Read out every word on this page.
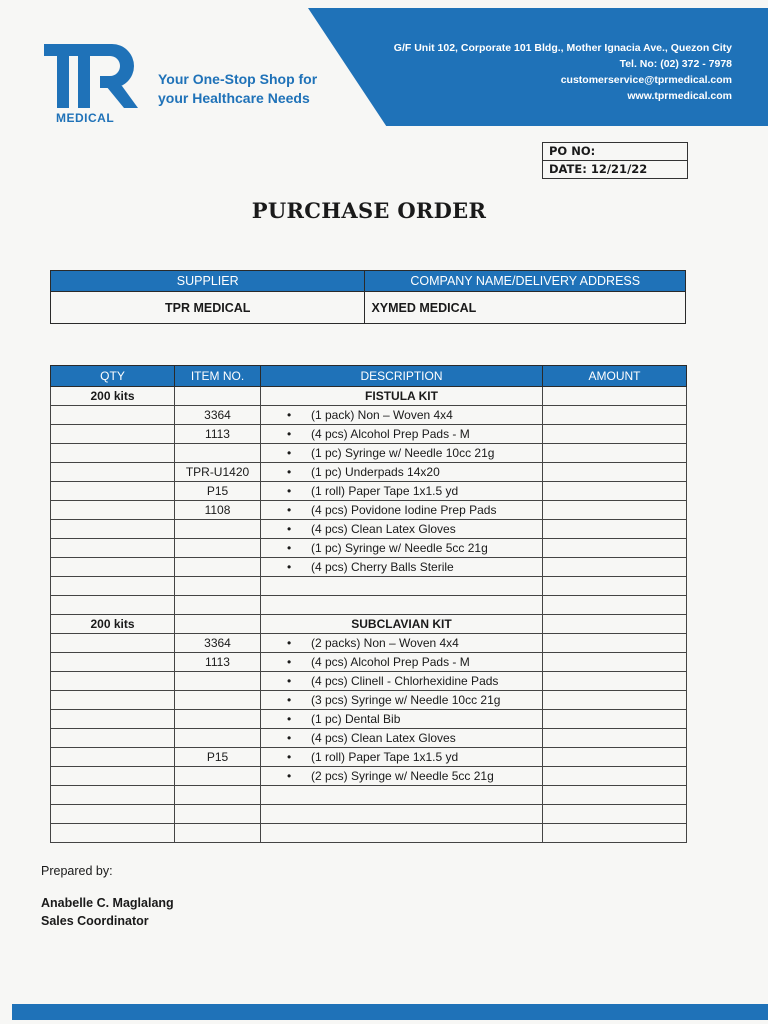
G/F Unit 102, Corporate 101 Bldg., Mother Ignacia Ave., Quezon City
Tel. No: (02) 372 - 7978
customerservice@tprmedical.com
www.tprmedical.com
MEDICAL
Your One-Stop Shop for
your Healthcare Needs
PO NO:
DATE: 12/21/22
PURCHASE ORDER
SUPPLIER	COMPANY NAME/DELIVERY ADDRESS
TPR MEDICAL	XYMED MEDICAL
QTY	ITEM NO.	DESCRIPTION	AMOUNT
200 kits		FISTULA KIT	
	3364	• (1 pack) Non – Woven 4x4	
	1113	• (4 pcs) Alcohol Prep Pads - M	
		• (1 pc) Syringe w/ Needle 10cc 21g	
	TPR-U1420	• (1 pc) Underpads 14x20	
	P15	• (1 roll) Paper Tape 1x1.5 yd	
	1108	• (4 pcs) Povidone Iodine Prep Pads	
		• (4 pcs) Clean Latex Gloves	
		• (1 pc) Syringe w/ Needle 5cc 21g	
		• (4 pcs) Cherry Balls Sterile	

200 kits		SUBCLAVIAN KIT	
	3364	• (2 packs) Non – Woven 4x4	
	1113	• (4 pcs) Alcohol Prep Pads - M	
		• (4 pcs) Clinell - Chlorhexidine Pads	
		• (3 pcs) Syringe w/ Needle 10cc 21g	
		• (1 pc) Dental Bib	
		• (4 pcs) Clean Latex Gloves	
	P15	• (1 roll) Paper Tape 1x1.5 yd	
		• (2 pcs) Syringe w/ Needle 5cc 21g	

Prepared by:
Anabelle C. Maglalang
Sales Coordinator
